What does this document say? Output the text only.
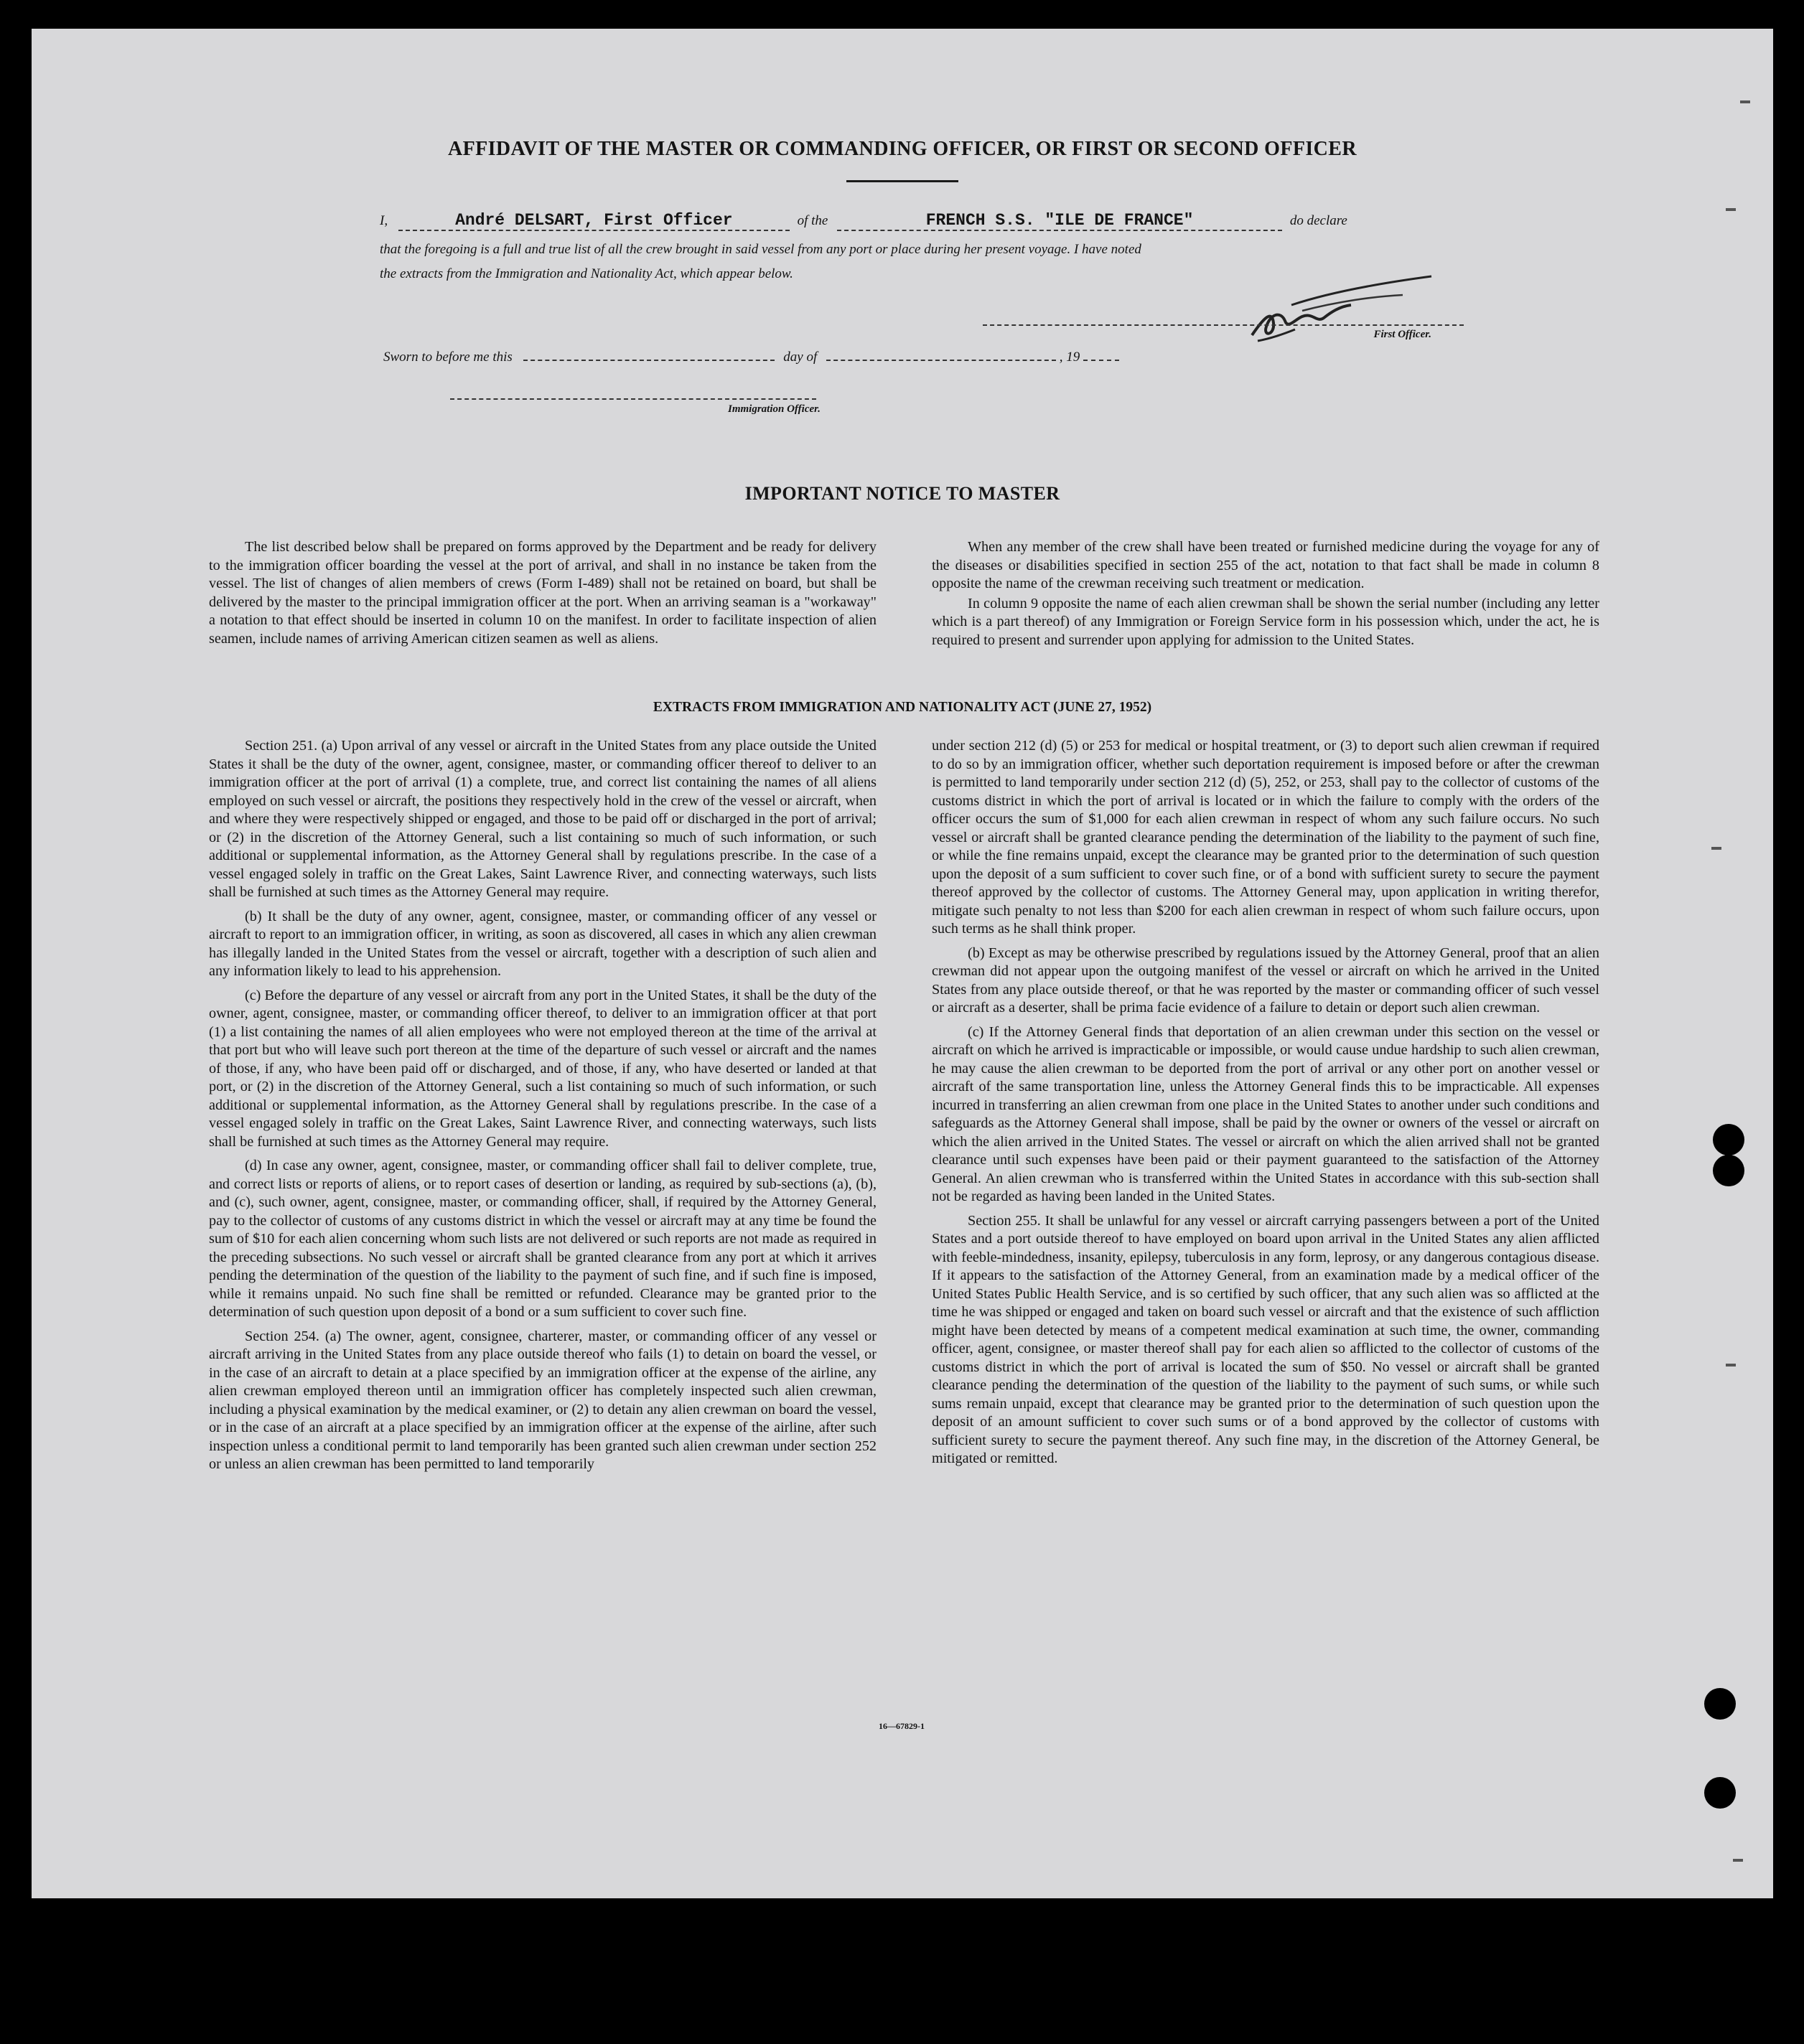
AFFIDAVIT OF THE MASTER OR COMMANDING OFFICER, OR FIRST OR SECOND OFFICER
I,	André DELSART, First Officer	of the	FRENCH S.S. "ILE DE FRANCE"	do declare
that the foregoing is a full and true list of all the crew brought in said vessel from any port or place during her present voyage. I have noted
the extracts from the Immigration and Nationality Act, which appear below.
First Officer.
Sworn to before me this	day of	, 19
Immigration Officer.
IMPORTANT NOTICE TO MASTER

The list described below shall be prepared on forms approved by the Department and be ready for delivery to the immigration officer boarding the vessel at the port of arrival, and shall in no instance be taken from the vessel. The list of changes of alien members of crews (Form I-489) shall not be retained on board, but shall be delivered by the master to the principal immigration officer at the port. When an arriving seaman is a "workaway" a notation to that effect should be inserted in column 10 on the manifest. In order to facilitate inspection of alien seamen, include names of arriving American citizen seamen as well as aliens.

When any member of the crew shall have been treated or furnished medicine during the voyage for any of the diseases or disabilities specified in section 255 of the act, notation to that fact shall be made in column 8 opposite the name of the crewman receiving such treatment or medication.

In column 9 opposite the name of each alien crewman shall be shown the serial number (including any letter which is a part thereof) of any Immigration or Foreign Service form in his possession which, under the act, he is required to present and surrender upon applying for admission to the United States.

EXTRACTS FROM IMMIGRATION AND NATIONALITY ACT (JUNE 27, 1952)

Section 251. (a) Upon arrival of any vessel or aircraft in the United States from any place outside the United States it shall be the duty of the owner, agent, consignee, master, or commanding officer thereof to deliver to an immigration officer at the port of arrival (1) a complete, true, and correct list containing the names of all aliens employed on such vessel or aircraft, the positions they respectively hold in the crew of the vessel or aircraft, when and where they were respectively shipped or engaged, and those to be paid off or discharged in the port of arrival; or (2) in the discretion of the Attorney General, such a list containing so much of such information, or such additional or supplemental information, as the Attorney General shall by regulations prescribe. In the case of a vessel engaged solely in traffic on the Great Lakes, Saint Lawrence River, and connecting waterways, such lists shall be furnished at such times as the Attorney General may require.

(b) It shall be the duty of any owner, agent, consignee, master, or commanding officer of any vessel or aircraft to report to an immigration officer, in writing, as soon as discovered, all cases in which any alien crewman has illegally landed in the United States from the vessel or aircraft, together with a description of such alien and any information likely to lead to his apprehension.

(c) Before the departure of any vessel or aircraft from any port in the United States, it shall be the duty of the owner, agent, consignee, master, or commanding officer thereof, to deliver to an immigration officer at that port (1) a list containing the names of all alien employees who were not employed thereon at the time of the arrival at that port but who will leave such port thereon at the time of the departure of such vessel or aircraft and the names of those, if any, who have been paid off or discharged, and of those, if any, who have deserted or landed at that port, or (2) in the discretion of the Attorney General, such a list containing so much of such information, or such additional or supplemental information, as the Attorney General shall by regulations prescribe. In the case of a vessel engaged solely in traffic on the Great Lakes, Saint Lawrence River, and connecting waterways, such lists shall be furnished at such times as the Attorney General may require.

(d) In case any owner, agent, consignee, master, or commanding officer shall fail to deliver complete, true, and correct lists or reports of aliens, or to report cases of desertion or landing, as required by sub-sections (a), (b), and (c), such owner, agent, consignee, master, or commanding officer, shall, if required by the Attorney General, pay to the collector of customs of any customs district in which the vessel or aircraft may at any time be found the sum of $10 for each alien concerning whom such lists are not delivered or such reports are not made as required in the preceding subsections. No such vessel or aircraft shall be granted clearance from any port at which it arrives pending the determination of the question of the liability to the payment of such fine, and if such fine is imposed, while it remains unpaid. No such fine shall be remitted or refunded. Clearance may be granted prior to the determination of such question upon deposit of a bond or a sum sufficient to cover such fine.

Section 254. (a) The owner, agent, consignee, charterer, master, or commanding officer of any vessel or aircraft arriving in the United States from any place outside thereof who fails (1) to detain on board the vessel, or in the case of an aircraft to detain at a place specified by an immigration officer at the expense of the airline, any alien crewman employed thereon until an immigration officer has completely inspected such alien crewman, including a physical examination by the medical examiner, or (2) to detain any alien crewman on board the vessel, or in the case of an aircraft at a place specified by an immigration officer at the expense of the airline, after such inspection unless a conditional permit to land temporarily has been granted such alien crewman under section 252 or unless an alien crewman has been permitted to land temporarily

under section 212 (d) (5) or 253 for medical or hospital treatment, or (3) to deport such alien crewman if required to do so by an immigration officer, whether such deportation requirement is imposed before or after the crewman is permitted to land temporarily under section 212 (d) (5), 252, or 253, shall pay to the collector of customs of the customs district in which the port of arrival is located or in which the failure to comply with the orders of the officer occurs the sum of $1,000 for each alien crewman in respect of whom any such failure occurs. No such vessel or aircraft shall be granted clearance pending the determination of the liability to the payment of such fine, or while the fine remains unpaid, except the clearance may be granted prior to the determination of such question upon the deposit of a sum sufficient to cover such fine, or of a bond with sufficient surety to secure the payment thereof approved by the collector of customs. The Attorney General may, upon application in writing therefor, mitigate such penalty to not less than $200 for each alien crewman in respect of whom such failure occurs, upon such terms as he shall think proper.

(b) Except as may be otherwise prescribed by regulations issued by the Attorney General, proof that an alien crewman did not appear upon the outgoing manifest of the vessel or aircraft on which he arrived in the United States from any place outside thereof, or that he was reported by the master or commanding officer of such vessel or aircraft as a deserter, shall be prima facie evidence of a failure to detain or deport such alien crewman.

(c) If the Attorney General finds that deportation of an alien crewman under this section on the vessel or aircraft on which he arrived is impracticable or impossible, or would cause undue hardship to such alien crewman, he may cause the alien crewman to be deported from the port of arrival or any other port on another vessel or aircraft of the same transportation line, unless the Attorney General finds this to be impracticable. All expenses incurred in transferring an alien crewman from one place in the United States to another under such conditions and safeguards as the Attorney General shall impose, shall be paid by the owner or owners of the vessel or aircraft on which the alien arrived in the United States. The vessel or aircraft on which the alien arrived shall not be granted clearance until such expenses have been paid or their payment guaranteed to the satisfaction of the Attorney General. An alien crewman who is transferred within the United States in accordance with this sub-section shall not be regarded as having been landed in the United States.

Section 255. It shall be unlawful for any vessel or aircraft carrying passengers between a port of the United States and a port outside thereof to have employed on board upon arrival in the United States any alien afflicted with feeble-mindedness, insanity, epilepsy, tuberculosis in any form, leprosy, or any dangerous contagious disease. If it appears to the satisfaction of the Attorney General, from an examination made by a medical officer of the United States Public Health Service, and is so certified by such officer, that any such alien was so afflicted at the time he was shipped or engaged and taken on board such vessel or aircraft and that the existence of such affliction might have been detected by means of a competent medical examination at such time, the owner, commanding officer, agent, consignee, or master thereof shall pay for each alien so afflicted to the collector of customs of the customs district in which the port of arrival is located the sum of $50. No vessel or aircraft shall be granted clearance pending the determination of the question of the liability to the payment of such sums, or while such sums remain unpaid, except that clearance may be granted prior to the determination of such question upon the deposit of an amount sufficient to cover such sums or of a bond approved by the collector of customs with sufficient surety to secure the payment thereof. Any such fine may, in the discretion of the Attorney General, be mitigated or remitted.

16—67829-1
